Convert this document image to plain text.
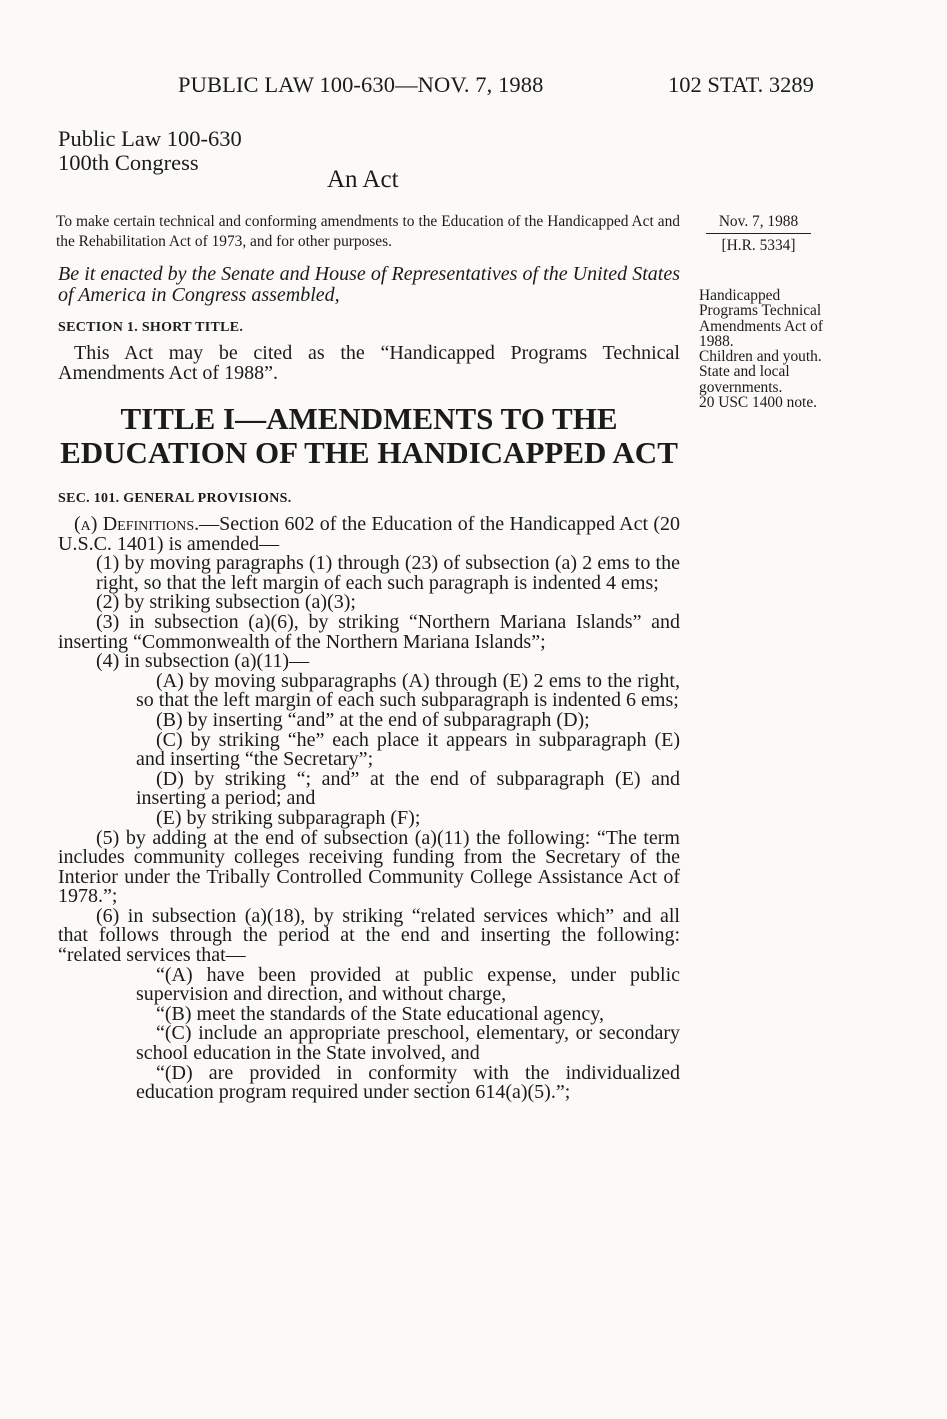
PUBLIC LAW 100-630—NOV. 7, 1988	102 STAT. 3289
Public Law 100-630
100th Congress
An Act
To make certain technical and conforming amendments to the Education of the Handicapped Act and the Rehabilitation Act of 1973, and for other purposes.
Nov. 7, 1988
[H.R. 5334]
Be it enacted by the Senate and House of Representatives of the United States of America in Congress assembled,
SECTION 1. SHORT TITLE.
This Act may be cited as the “Handicapped Programs Technical Amendments Act of 1988”.
TITLE I—AMENDMENTS TO THE
EDUCATION OF THE HANDICAPPED ACT
Handicapped Programs Technical Amendments Act of 1988.
Children and youth.
State and local governments.
20 USC 1400 note.
SEC. 101. GENERAL PROVISIONS.

(a) Definitions.—Section 602 of the Education of the Handicapped Act (20 U.S.C. 1401) is amended—

(1) by moving paragraphs (1) through (23) of subsection (a) 2 ems to the right, so that the left margin of each such paragraph is indented 4 ems;

(2) by striking subsection (a)(3);

(3) in subsection (a)(6), by striking “Northern Mariana Islands” and inserting “Commonwealth of the Northern Mariana Islands”;

(4) in subsection (a)(11)—

(A) by moving subparagraphs (A) through (E) 2 ems to the right, so that the left margin of each such subparagraph is indented 6 ems;

(B) by inserting “and” at the end of subparagraph (D);

(C) by striking “he” each place it appears in subparagraph (E) and inserting “the Secretary”;

(D) by striking “; and” at the end of subparagraph (E) and inserting a period; and

(E) by striking subparagraph (F);

(5) by adding at the end of subsection (a)(11) the following: “The term includes community colleges receiving funding from the Secretary of the Interior under the Tribally Controlled Community College Assistance Act of 1978.”;

(6) in subsection (a)(18), by striking “related services which” and all that follows through the period at the end and inserting the following: “related services that—

“(A) have been provided at public expense, under public supervision and direction, and without charge,

“(B) meet the standards of the State educational agency,

“(C) include an appropriate preschool, elementary, or secondary school education in the State involved, and

“(D) are provided in conformity with the individualized education program required under section 614(a)(5).”;
